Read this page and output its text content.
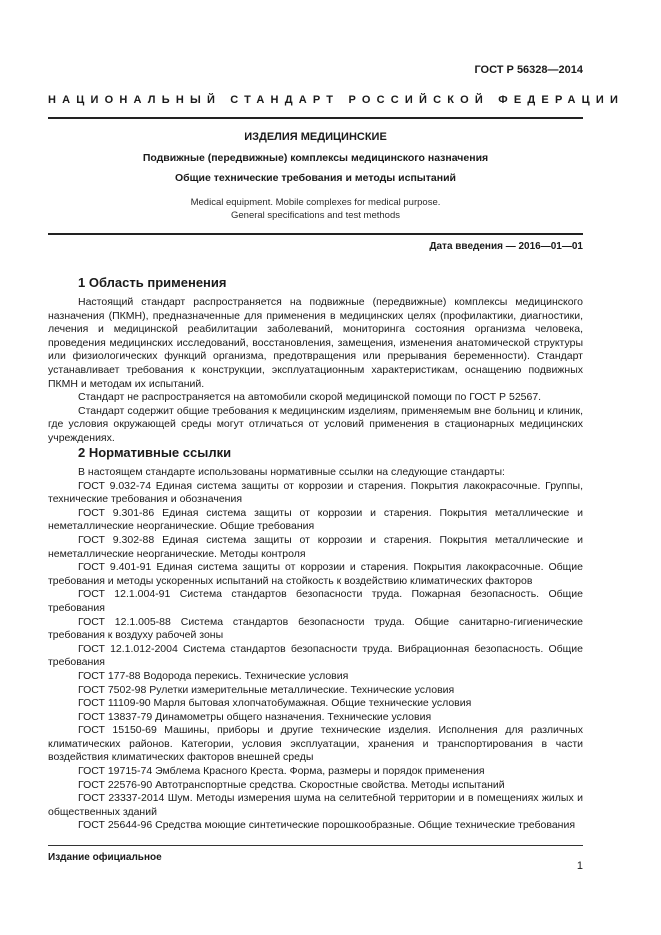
ГОСТ Р 56328—2014
НАЦИОНАЛЬНЫЙ СТАНДАРТ РОССИЙСКОЙ ФЕДЕРАЦИИ
ИЗДЕЛИЯ МЕДИЦИНСКИЕ
Подвижные (передвижные) комплексы медицинского назначения
Общие технические требования и методы испытаний
Medical equipment. Mobile complexes for medical purpose.
General specifications and test methods
Дата введения — 2016—01—01
1 Область применения

Настоящий стандарт распространяется на подвижные (передвижные) комплексы медицинского назначения (ПКМН), предназначенные для применения в медицинских целях (профилактики, диагностики, лечения и медицинской реабилитации заболеваний, мониторинга состояния организма человека, проведения медицинских исследований, восстановления, замещения, изменения анатомической структуры или физиологических функций организма, предотвращения или прерывания беременности). Стандарт устанавливает требования к конструкции, эксплуатационным характеристикам, оснащению подвижных ПКМН и методам их испытаний.

Стандарт не распространяется на автомобили скорой медицинской помощи по ГОСТ Р 52567.

Стандарт содержит общие требования к медицинским изделиям, применяемым вне больниц и клиник, где условия окружающей среды могут отличаться от условий применения в стационарных медицинских учреждениях.

2 Нормативные ссылки

В настоящем стандарте использованы нормативные ссылки на следующие стандарты:

ГОСТ 9.032-74 Единая система защиты от коррозии и старения. Покрытия лакокрасочные. Группы, технические требования и обозначения

ГОСТ 9.301-86 Единая система защиты от коррозии и старения. Покрытия металлические и неметаллические неорганические. Общие требования

ГОСТ 9.302-88 Единая система защиты от коррозии и старения. Покрытия металлические и неметаллические неорганические. Методы контроля

ГОСТ 9.401-91 Единая система защиты от коррозии и старения. Покрытия лакокрасочные. Общие требования и методы ускоренных испытаний на стойкость к воздействию климатических факторов

ГОСТ 12.1.004-91 Система стандартов безопасности труда. Пожарная безопасность. Общие требования

ГОСТ 12.1.005-88 Система стандартов безопасности труда. Общие санитарно-гигиенические требования к воздуху рабочей зоны

ГОСТ 12.1.012-2004 Система стандартов безопасности труда. Вибрационная безопасность. Общие требования

ГОСТ 177-88 Водорода перекись. Технические условия

ГОСТ 7502-98 Рулетки измерительные металлические. Технические условия

ГОСТ 11109-90 Марля бытовая хлопчатобумажная. Общие технические условия

ГОСТ 13837-79 Динамометры общего назначения. Технические условия

ГОСТ 15150-69 Машины, приборы и другие технические изделия. Исполнения для различных климатических районов. Категории, условия эксплуатации, хранения и транспортирования в части воздействия климатических факторов внешней среды

ГОСТ 19715-74 Эмблема Красного Креста. Форма, размеры и порядок применения

ГОСТ 22576-90 Автотранспортные средства. Скоростные свойства. Методы испытаний

ГОСТ 23337-2014 Шум. Методы измерения шума на селитебной территории и в помещениях жилых и общественных зданий

ГОСТ 25644-96 Средства моющие синтетические порошкообразные. Общие технические требования

Издание официальное
1
